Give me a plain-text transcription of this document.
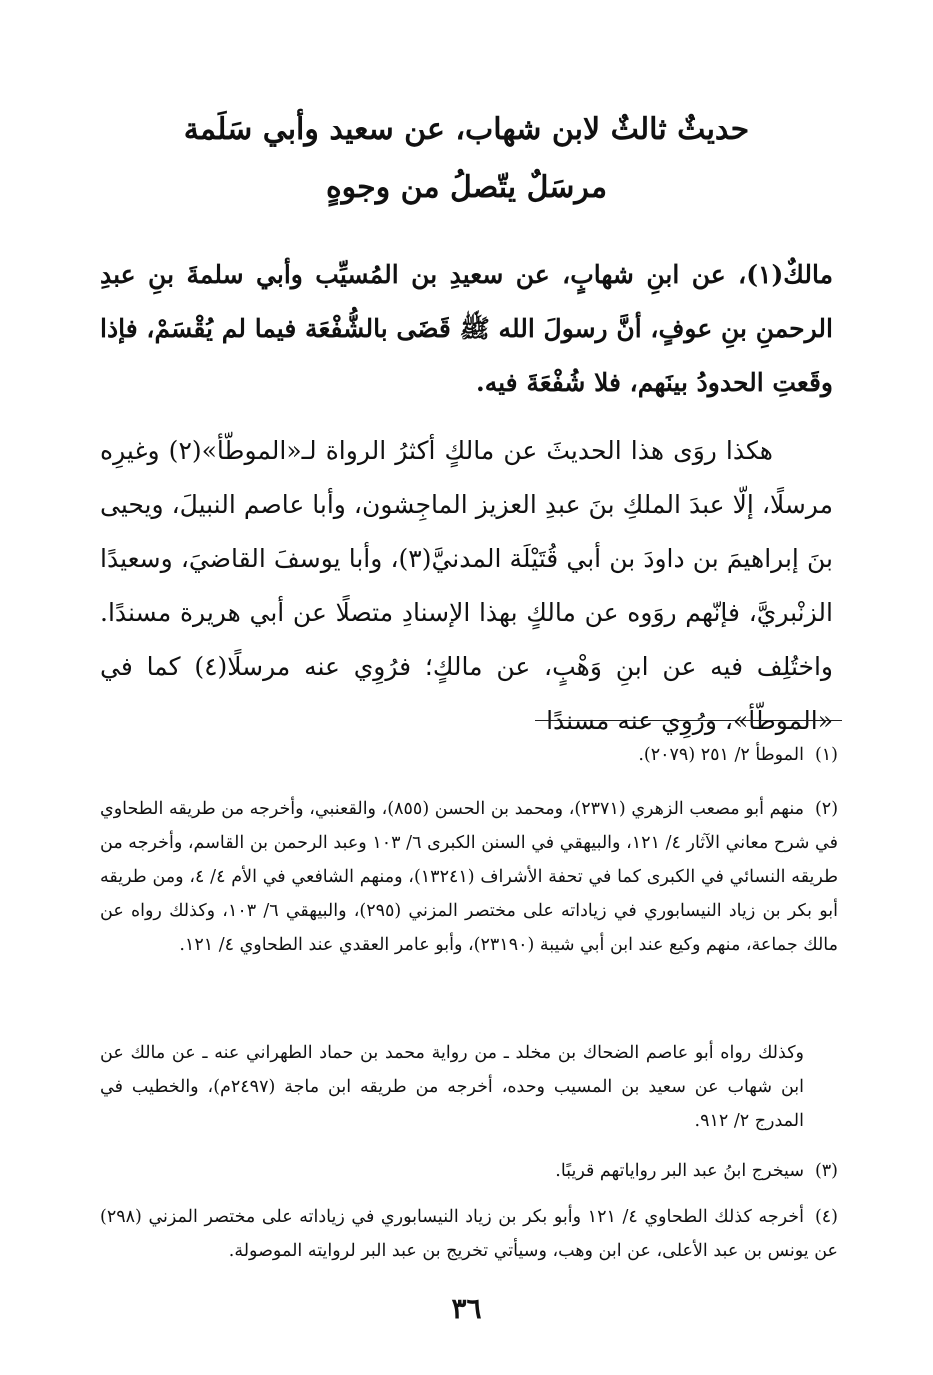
حديثٌ ثالثٌ لابن شهاب، عن سعيد وأبي سَلَمة
مرسَلٌ يتّصلُ من وجوهٍ

مالكٌ(١)، عن ابنِ شهابٍ، عن سعيدِ بن المُسيِّب وأبي سلمةَ بنِ عبدِ الرحمنِ بنِ عوفٍ، أنَّ رسولَ الله ﷺ قَضَى بالشُّفْعَة فيما لم يُقْسَمْ، فإذا وقَعتِ الحدودُ بينَهم، فلا شُفْعَةَ فيه.

هكذا روَى هذا الحديثَ عن مالكٍ أكثرُ الرواة لـ«الموطّأ»(٢) وغيرِه مرسلًا، إلّا عبدَ الملكِ بنَ عبدِ العزيز الماجِشون، وأبا عاصم النبيلَ، ويحيى بنَ إبراهيمَ بن داودَ بن أبي قُتَيْلَة المدنيَّ(٣)، وأبا يوسفَ القاضيَ، وسعيدًا الزنْبريَّ، فإنّهم روَوه عن مالكٍ بهذا الإسنادِ متصلًا عن أبي هريرة مسندًا. واختُلِف فيه عن ابنِ وَهْبٍ، عن مالكٍ؛ فرُوِي عنه مرسلًا(٤) كما في «الموطّأ»، ورُوِي عنه مسندًا

(١)الموطأ ٢/ ٢٥١ (٢٠٧٩).

(٢)منهم أبو مصعب الزهري (٢٣٧١)، ومحمد بن الحسن (٨٥٥)، والقعنبي، وأخرجه من طريقه الطحاوي في شرح معاني الآثار ٤/ ١٢١، والبيهقي في السنن الكبرى ٦/ ١٠٣ وعبد الرحمن بن القاسم، وأخرجه من طريقه النسائي في الكبرى كما في تحفة الأشراف (١٣٢٤١)، ومنهم الشافعي في الأم ٤/ ٤، ومن طريقه أبو بكر بن زياد النيسابوري في زياداته على مختصر المزني (٢٩٥)، والبيهقي ٦/ ١٠٣، وكذلك رواه عن مالك جماعة، منهم وكيع عند ابن أبي شيبة (٢٣١٩٠)، وأبو عامر العقدي عند الطحاوي ٤/ ١٢١.

وكذلك رواه أبو عاصم الضحاك بن مخلد ـ من رواية محمد بن حماد الطهراني عنه ـ عن مالك عن ابن شهاب عن سعيد بن المسيب وحده، أخرجه من طريقه ابن ماجة (٢٤٩٧م)، والخطيب في المدرج ٢/ ٩١٢.

(٣)سيخرج ابنُ عبد البر رواياتهم قريبًا.

(٤)أخرجه كذلك الطحاوي ٤/ ١٢١ وأبو بكر بن زياد النيسابوري في زياداته على مختصر المزني (٢٩٨) عن يونس بن عبد الأعلى، عن ابن وهب، وسيأتي تخريج بن عبد البر لروايته الموصولة.

٣٦
